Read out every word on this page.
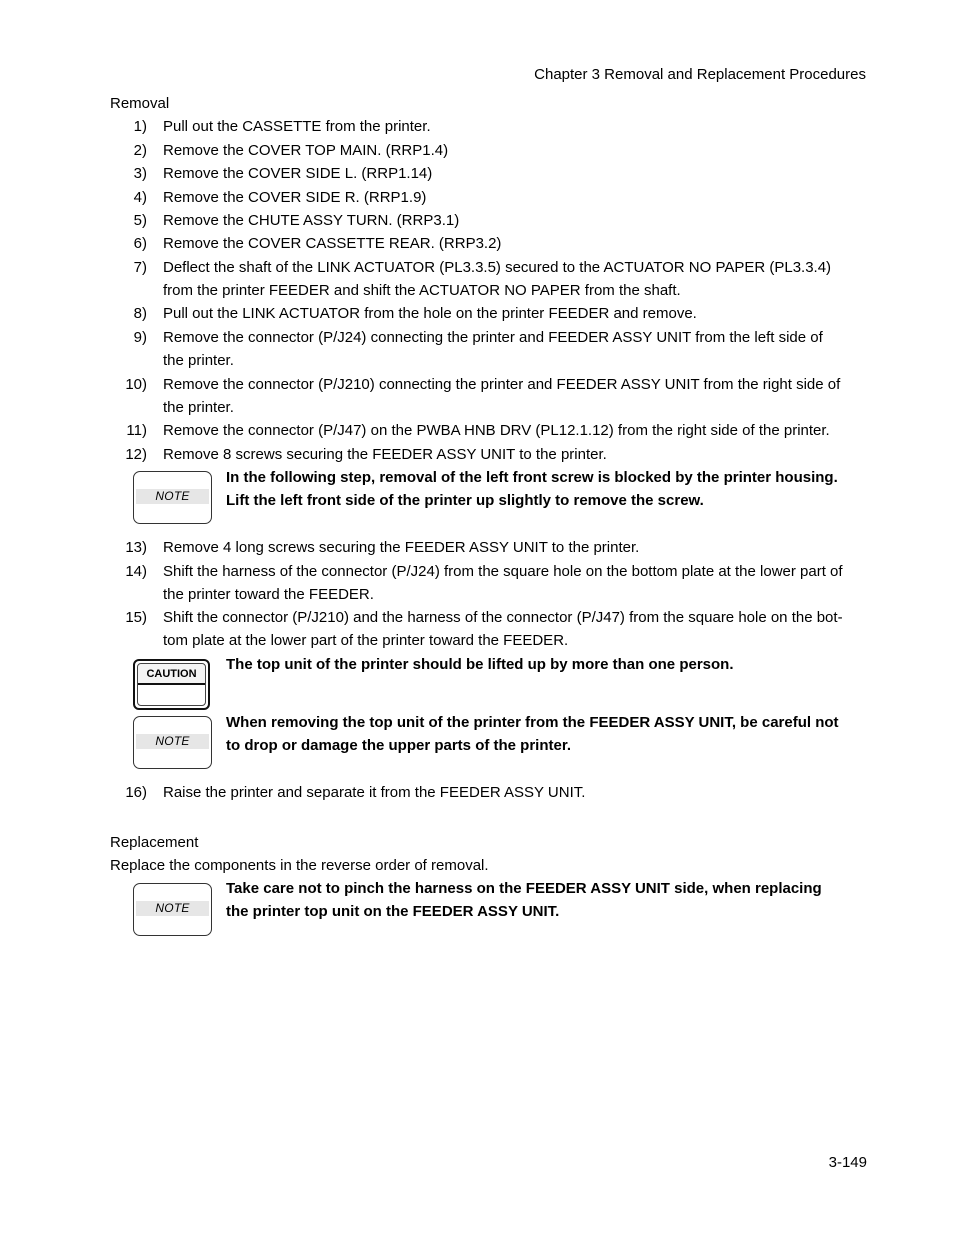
Chapter 3 Removal and Replacement Procedures
Removal
1) Pull out the CASSETTE from the printer.
2) Remove the COVER TOP MAIN. (RRP1.4)
3) Remove the COVER SIDE L. (RRP1.14)
4) Remove the COVER SIDE R. (RRP1.9)
5) Remove the CHUTE ASSY TURN. (RRP3.1)
6) Remove the COVER CASSETTE REAR. (RRP3.2)
7) Deflect the shaft of the LINK ACTUATOR (PL3.3.5) secured to the ACTUATOR NO PAPER (PL3.3.4)
from the printer FEEDER and shift the ACTUATOR NO PAPER from the shaft.
8) Pull out the LINK ACTUATOR from the hole on the printer FEEDER and remove.
9) Remove the connector (P/J24) connecting the printer and FEEDER ASSY UNIT from the left side of
the printer.
10) Remove the connector (P/J210) connecting the printer and FEEDER ASSY UNIT from the right side of
the printer.
11) Remove the connector (P/J47) on the PWBA HNB DRV (PL12.1.12) from the right side of the printer.
12) Remove 8 screws securing the FEEDER ASSY UNIT to the printer.
NOTE
In the following step, removal of the left front screw is blocked by the printer housing.
Lift the left front side of the printer up slightly to remove the screw.
13) Remove 4 long screws securing the FEEDER ASSY UNIT to the printer.
14) Shift the harness of the connector (P/J24) from the square hole on the bottom plate at the lower part of
the printer toward the FEEDER.
15) Shift the connector (P/J210) and the harness of the connector (P/J47) from the square hole on the bot-
tom plate at the lower part of the printer toward the FEEDER.
CAUTION
The top unit of the printer should be lifted up by more than one person.
NOTE
When removing the top unit of the printer from the FEEDER ASSY UNIT, be careful not
to drop or damage the upper parts of the printer.
16) Raise the printer and separate it from the FEEDER ASSY UNIT.
Replacement
Replace the components in the reverse order of removal.
NOTE
Take care not to pinch the harness on the FEEDER ASSY UNIT side, when replacing
the printer top unit on the FEEDER ASSY UNIT.
3-149
